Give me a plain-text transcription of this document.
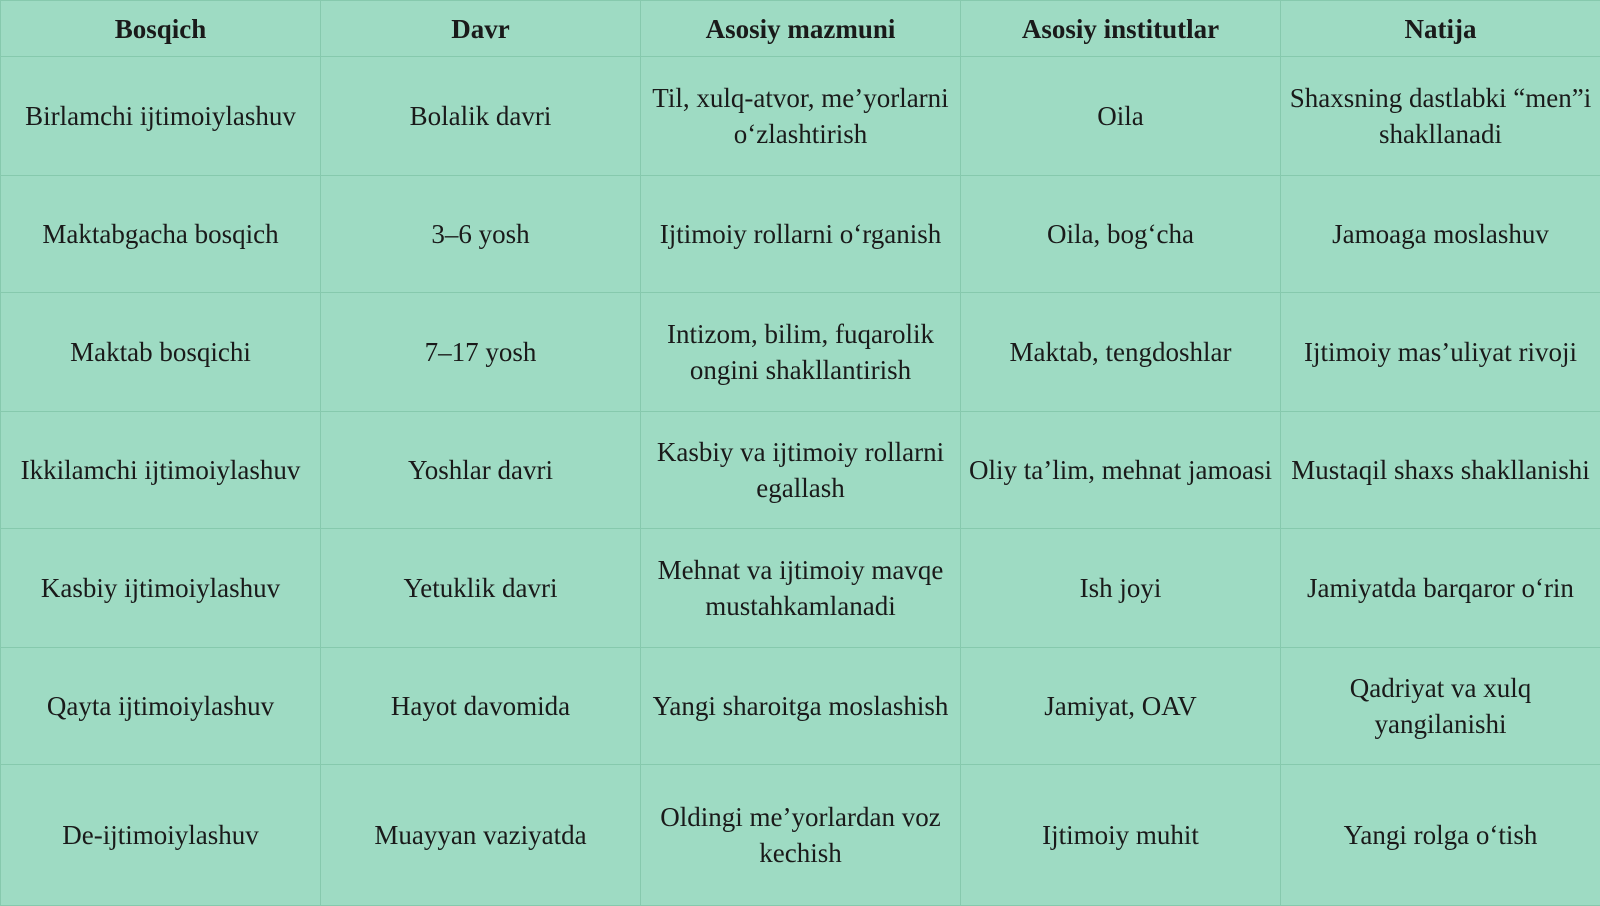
Bosqich	Davr	Asosiy mazmuni	Asosiy institutlar	Natija
Birlamchi ijtimoiylashuv	Bolalik davri	Til, xulq-atvor, me’yorlarni o‘zlashtirish	Oila	Shaxsning dastlabki “men”i shakllanadi
Maktabgacha bosqich	3–6 yosh	Ijtimoiy rollarni o‘rganish	Oila, bog‘cha	Jamoaga moslashuv
Maktab bosqichi	7–17 yosh	Intizom, bilim, fuqarolik ongini shakllantirish	Maktab, tengdoshlar	Ijtimoiy mas’uliyat rivoji
Ikkilamchi ijtimoiylashuv	Yoshlar davri	Kasbiy va ijtimoiy rollarni egallash	Oliy ta’lim, mehnat jamoasi	Mustaqil shaxs shakllanishi
Kasbiy ijtimoiylashuv	Yetuklik davri	Mehnat va ijtimoiy mavqe mustahkamlanadi	Ish joyi	Jamiyatda barqaror o‘rin
Qayta ijtimoiylashuv	Hayot davomida	Yangi sharoitga moslashish	Jamiyat, OAV	Qadriyat va xulq yangilanishi
De-ijtimoiylashuv	Muayyan vaziyatda	Oldingi me’yorlardan voz kechish	Ijtimoiy muhit	Yangi rolga o‘tish
